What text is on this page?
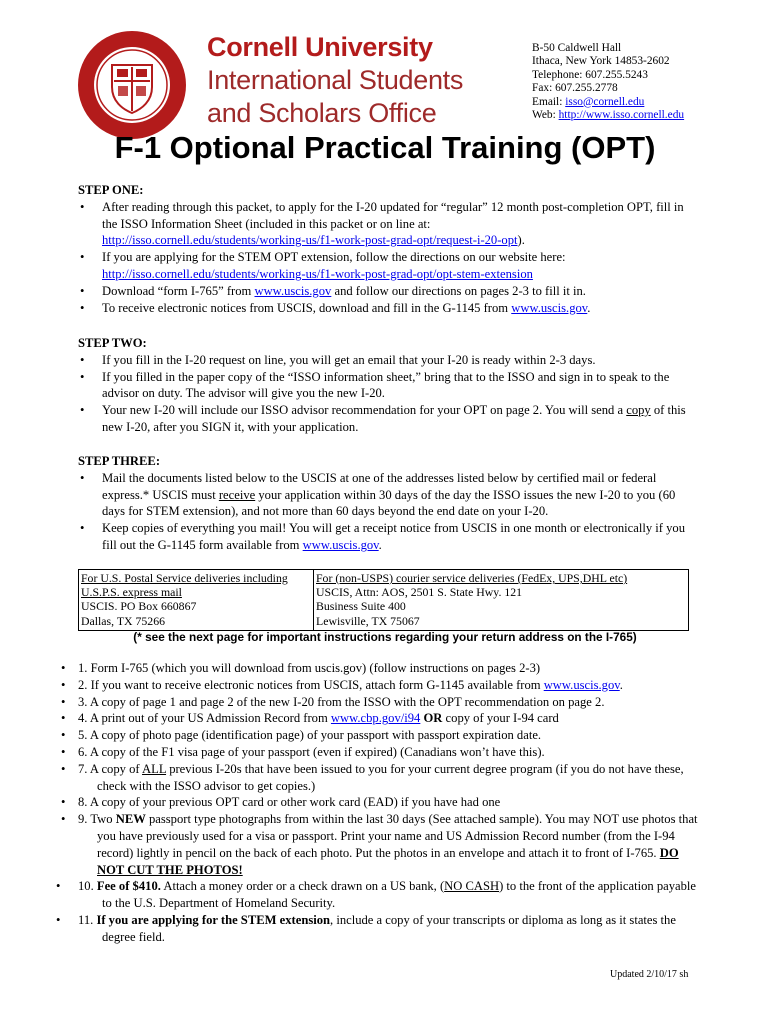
Cornell University
International Students
and Scholars Office
B-50 Caldwell Hall
Ithaca, New York 14853-2602
Telephone: 607.255.5243
Fax: 607.255.2778
Email: isso@cornell.edu
Web: http://www.isso.cornell.edu
F-1 Optional Practical Training (OPT)
STEP ONE:
• After reading through this packet, to apply for the I-20 updated for “regular” 12 month post-completion OPT, fill in the ISSO Information Sheet (included in this packet or on line at:
http://isso.cornell.edu/students/working-us/f1-work-post-grad-opt/request-i-20-opt).
• If you are applying for the STEM OPT extension, follow the directions on our website here:
http://isso.cornell.edu/students/working-us/f1-work-post-grad-opt/opt-stem-extension
• Download “form I-765” from www.uscis.gov and follow our directions on pages 2-3 to fill it in.
• To receive electronic notices from USCIS, download and fill in the G-1145 from www.uscis.gov.
STEP TWO:
• If you fill in the I-20 request on line, you will get an email that your I-20 is ready within 2-3 days.
• If you filled in the paper copy of the “ISSO information sheet,” bring that to the ISSO and sign in to speak to the advisor on duty. The advisor will give you the new I-20.
• Your new I-20 will include our ISSO advisor recommendation for your OPT on page 2. You will send a copy of this new I-20, after you SIGN it, with your application.
STEP THREE:
• Mail the documents listed below to the USCIS at one of the addresses listed below by certified mail or federal express.* USCIS must receive your application within 30 days of the day the ISSO issues the new I-20 to you (60 days for STEM extension), and not more than 60 days beyond the end date on your I-20.
• Keep copies of everything you mail! You will get a receipt notice from USCIS in one month or electronically if you fill out the G-1145 form available from www.uscis.gov.
For U.S. Postal Service deliveries including U.S.P.S. express mail
USCIS. PO Box 660867
Dallas, TX 75266
For (non-USPS) courier service deliveries (FedEx, UPS,DHL etc)
USCIS, Attn: AOS, 2501 S. State Hwy. 121
Business Suite 400
Lewisville, TX 75067
(* see the next page for important instructions regarding your return address on the I-765)
• 1. Form I-765 (which you will download from uscis.gov) (follow instructions on pages 2-3)
• 2. If you want to receive electronic notices from USCIS, attach form G-1145 available from www.uscis.gov.
• 3. A copy of page 1 and page 2 of the new I-20 from the ISSO with the OPT recommendation on page 2.
• 4. A print out of your US Admission Record from www.cbp.gov/i94 OR copy of your I-94 card
• 5. A copy of photo page (identification page) of your passport with passport expiration date.
• 6. A copy of the F1 visa page of your passport (even if expired) (Canadians won’t have this).
• 7. A copy of ALL previous I-20s that have been issued to you for your current degree program (if you do not have these, check with the ISSO advisor to get copies.)
• 8. A copy of your previous OPT card or other work card (EAD) if you have had one
• 9. Two NEW passport type photographs from within the last 30 days (See attached sample). You may NOT use photos that you have previously used for a visa or passport. Print your name and US Admission Record number (from the I-94 record) lightly in pencil on the back of each photo. Put the photos in an envelope and attach it to front of I-765. DO NOT CUT THE PHOTOS!
• 10. Fee of $410. Attach a money order or a check drawn on a US bank, (NO CASH) to the front of the application payable to the U.S. Department of Homeland Security.
• 11. If you are applying for the STEM extension, include a copy of your transcripts or diploma as long as it states the degree field.
Updated 2/10/17 sh
